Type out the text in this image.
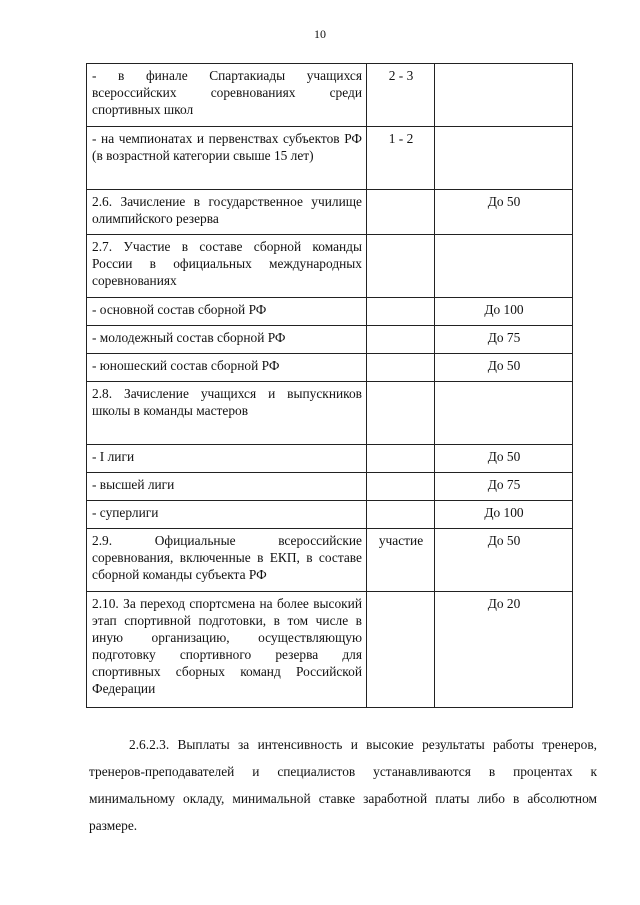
10
- в финале Спартакиады учащихся всероссийских соревнованиях среди спортивных школ	2 - 3	
- на чемпионатах и первенствах субъектов РФ (в возрастной категории свыше 15 лет)	1 - 2	
2.6. Зачисление в государственное училище олимпийского резерва		До 50
2.7. Участие в составе сборной команды России в официальных международных соревнованиях		
- основной состав сборной РФ		До 100
- молодежный состав сборной РФ		До 75
- юношеский состав сборной РФ		До 50
2.8. Зачисление учащихся и выпускников школы в команды мастеров		
- I лиги		До 50
- высшей лиги		До 75
- суперлиги		До 100
2.9. Официальные всероссийские соревнования, включенные в ЕКП, в составе сборной команды субъекта РФ	участие	До 50
2.10. За переход спортсмена на более высокий этап спортивной подготовки, в том числе в иную организацию, осуществляющую подготовку спортивного резерва для спортивных сборных команд Российской Федерации		До 20

2.6.2.3. Выплаты за интенсивность и высокие результаты работы тренеров, тренеров-преподавателей и специалистов устанавливаются в процентах к минимальному окладу, минимальной ставке заработной платы либо в абсолютном размере.
